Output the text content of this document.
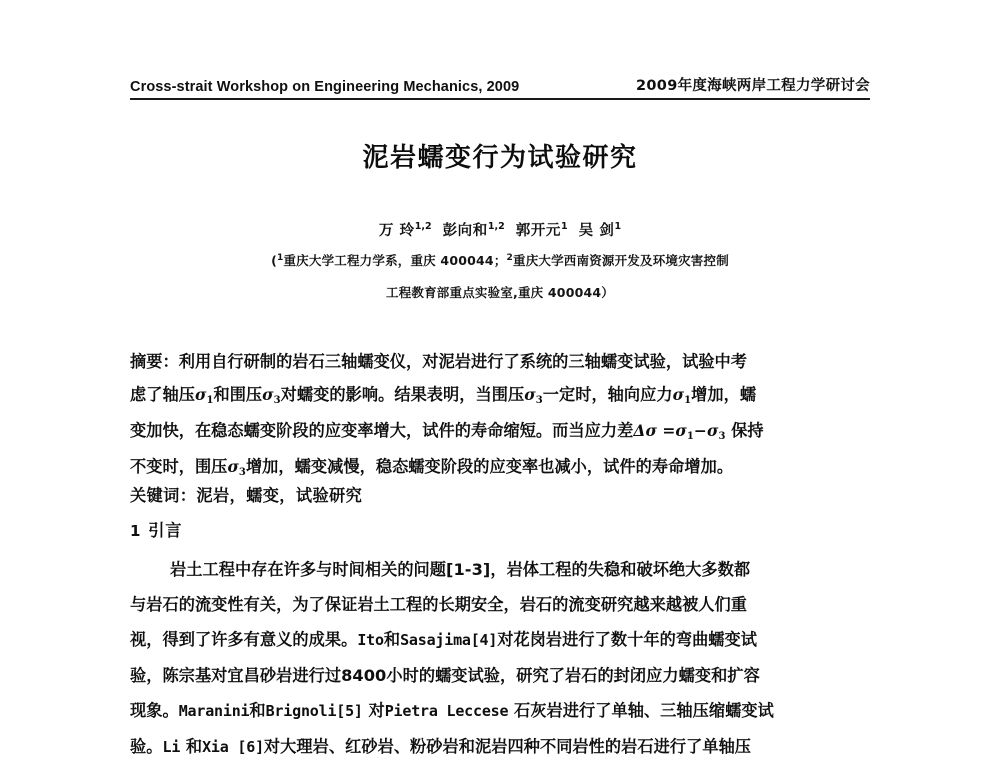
Cross-strait Workshop on Engineering Mechanics, 2009	2009年度海峡两岸工程力学研讨会
泥岩蠕变行为试验研究
万 玲$^{1,2}$ 彭向和$^{1,2}$ 郭开元$^1$ 吴 剑$^1$
($^1$重庆大学工程力学系，重庆 400044；$^2$重庆大学西南资源开发及环境灾害控制
工程教育部重点实验室,重庆 400044）
摘要：利用自行研制的岩石三轴蠕变仪，对泥岩进行了系统的三轴蠕变试验，试验中考
虑了轴压$\sigma_1$和围压$\sigma_3$对蠕变的影响。结果表明，当围压$\sigma_3$一定时，轴向应力$\sigma_1$增加，蠕
变加快，在稳态蠕变阶段的应变率增大，试件的寿命缩短。而当应力差$\Delta\sigma =\sigma_1-\sigma_3$ 保持
不变时，围压$\sigma_3$增加，蠕变减慢，稳态蠕变阶段的应变率也减小，试件的寿命增加。
关键词：泥岩，蠕变，试验研究
1 引言
岩土工程中存在许多与时间相关的问题[1-3]，岩体工程的失稳和破坏绝大多数都
与岩石的流变性有关，为了保证岩土工程的长期安全，岩石的流变研究越来越被人们重
视，得到了许多有意义的成果。Ito和Sasajima[4]对花岗岩进行了数十年的弯曲蠕变试
验，陈宗基对宜昌砂岩进行过8400小时的蠕变试验，研究了岩石的封闭应力蠕变和扩容
现象。Maranini和Brignoli[5] 对Pietra Leccese 石灰岩进行了单轴、三轴压缩蠕变试
验。Li 和Xia [6]对大理岩、红砂岩、粉砂岩和泥岩四种不同岩性的岩石进行了单轴压
